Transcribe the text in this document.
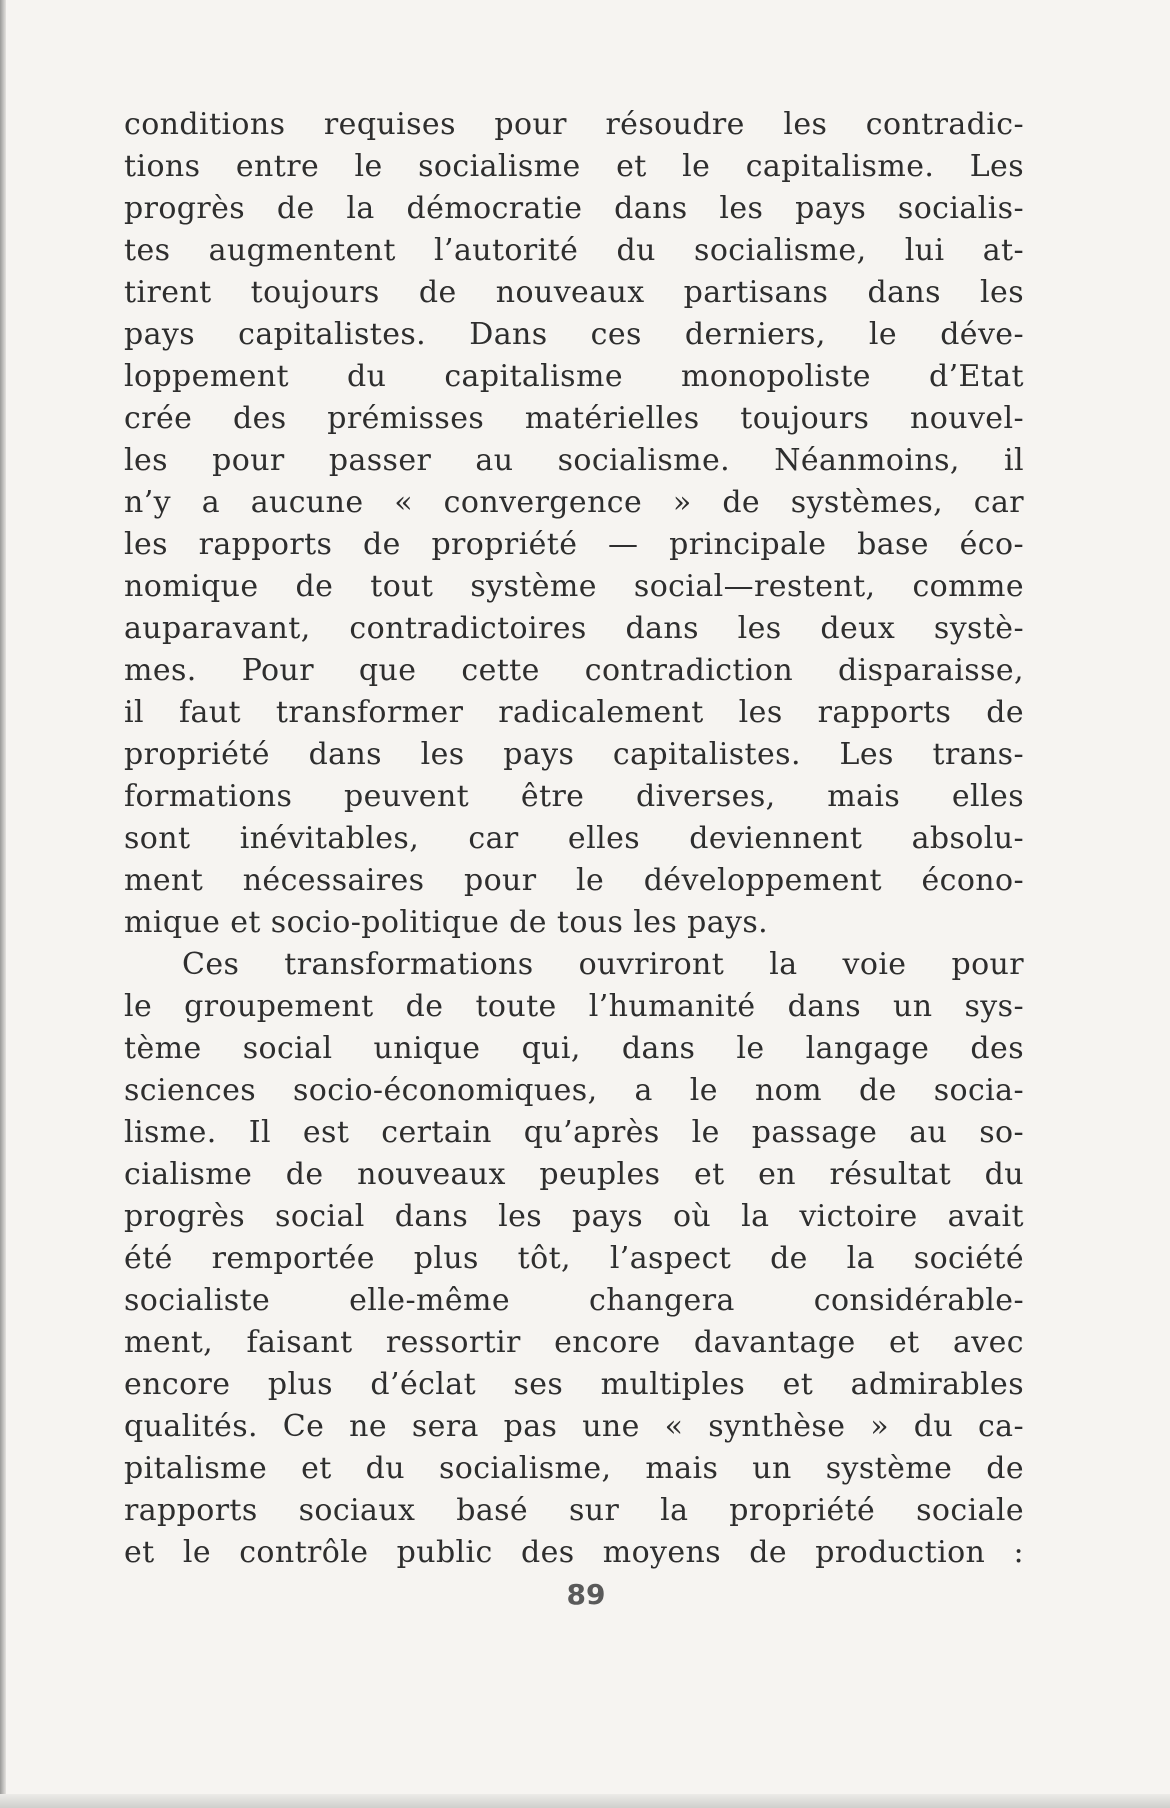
conditions requises pour résoudre les contradic-
tions entre le socialisme et le capitalisme. Les
progrès de la démocratie dans les pays socialis-
tes augmentent l’autorité du socialisme, lui at-
tirent toujours de nouveaux partisans dans les
pays capitalistes. Dans ces derniers, le déve-
loppement du capitalisme monopoliste d’Etat
crée des prémisses matérielles toujours nouvel-
les pour passer au socialisme. Néanmoins, il
n’y a aucune « convergence » de systèmes, car
les rapports de propriété — principale base éco-
nomique de tout système social—restent, comme
auparavant, contradictoires dans les deux systè-
mes. Pour que cette contradiction disparaisse,
il faut transformer radicalement les rapports de
propriété dans les pays capitalistes. Les trans-
formations peuvent être diverses, mais elles
sont inévitables, car elles deviennent absolu-
ment nécessaires pour le développement écono-
mique et socio-politique de tous les pays.
Ces transformations ouvriront la voie pour
le groupement de toute l’humanité dans un sys-
tème social unique qui, dans le langage des
sciences socio-économiques, a le nom de socia-
lisme. Il est certain qu’après le passage au so-
cialisme de nouveaux peuples et en résultat du
progrès social dans les pays où la victoire avait
été remportée plus tôt, l’aspect de la société
socialiste elle-même changera considérable-
ment, faisant ressortir encore davantage et avec
encore plus d’éclat ses multiples et admirables
qualités. Ce ne sera pas une « synthèse » du ca-
pitalisme et du socialisme, mais un système de
rapports sociaux basé sur la propriété sociale
et le contrôle public des moyens de production :
89
